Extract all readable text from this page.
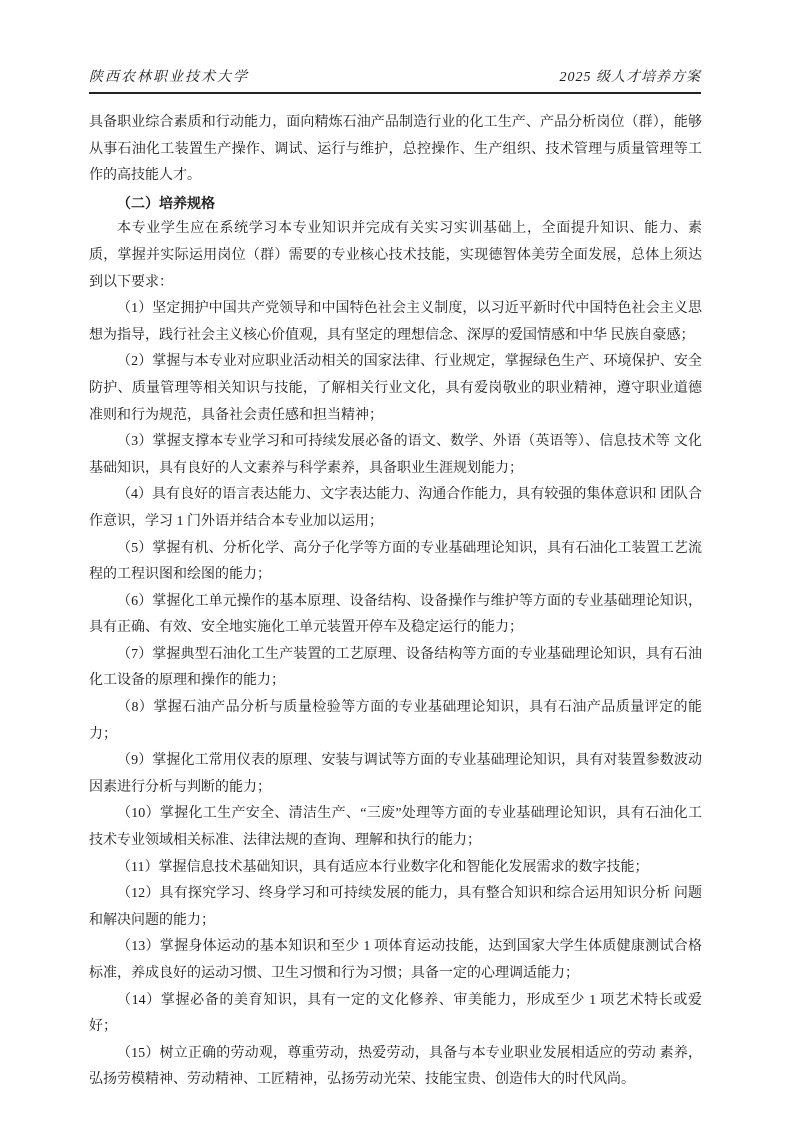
陕西农林职业技术大学	2025 级人才培养方案
具备职业综合素质和行动能力，面向精炼石油产品制造行业的化工生产、产品分析岗位（群），能够从事石油化工装置生产操作、调试、运行与维护，总控操作、生产组织、技术管理与质量管理等工作的高技能人才。
（二）培养规格
本专业学生应在系统学习本专业知识并完成有关实习实训基础上，全面提升知识、能力、素质，掌握并实际运用岗位（群）需要的专业核心技术技能，实现德智体美劳全面发展，总体上须达到以下要求：
（1）坚定拥护中国共产党领导和中国特色社会主义制度，以习近平新时代中国特色社会主义思想为指导，践行社会主义核心价值观，具有坚定的理想信念、深厚的爱国情感和中华 民族自豪感；
（2）掌握与本专业对应职业活动相关的国家法律、行业规定，掌握绿色生产、环境保护、安全防护、质量管理等相关知识与技能，了解相关行业文化，具有爱岗敬业的职业精神，遵守职业道德准则和行为规范，具备社会责任感和担当精神；
（3）掌握支撑本专业学习和可持续发展必备的语文、数学、外语（英语等）、信息技术等 文化基础知识，具有良好的人文素养与科学素养，具备职业生涯规划能力；
（4）具有良好的语言表达能力、文字表达能力、沟通合作能力，具有较强的集体意识和 团队合作意识，学习 1 门外语并结合本专业加以运用；
（5）掌握有机、分析化学、高分子化学等方面的专业基础理论知识，具有石油化工装置工艺流程的工程识图和绘图的能力；
（6）掌握化工单元操作的基本原理、设备结构、设备操作与维护等方面的专业基础理论知识，具有正确、有效、安全地实施化工单元装置开停车及稳定运行的能力；
（7）掌握典型石油化工生产装置的工艺原理、设备结构等方面的专业基础理论知识，具有石油化工设备的原理和操作的能力；
（8）掌握石油产品分析与质量检验等方面的专业基础理论知识，具有石油产品质量评定的能力；
（9）掌握化工常用仪表的原理、安装与调试等方面的专业基础理论知识，具有对装置参数波动因素进行分析与判断的能力；
（10）掌握化工生产安全、清洁生产、“三废”处理等方面的专业基础理论知识，具有石油化工技术专业领域相关标准、法律法规的查询、理解和执行的能力；
（11）掌握信息技术基础知识，具有适应本行业数字化和智能化发展需求的数字技能；
（12）具有探究学习、终身学习和可持续发展的能力，具有整合知识和综合运用知识分析 问题和解决问题的能力；
（13）掌握身体运动的基本知识和至少 1 项体育运动技能，达到国家大学生体质健康测试合格标准，养成良好的运动习惯、卫生习惯和行为习惯；具备一定的心理调适能力；
（14）掌握必备的美育知识，具有一定的文化修养、审美能力，形成至少 1 项艺术特长或爱好；
（15）树立正确的劳动观，尊重劳动，热爱劳动，具备与本专业职业发展相适应的劳动 素养，弘扬劳模精神、劳动精神、工匠精神，弘扬劳动光荣、技能宝贵、创造伟大的时代风尚。
